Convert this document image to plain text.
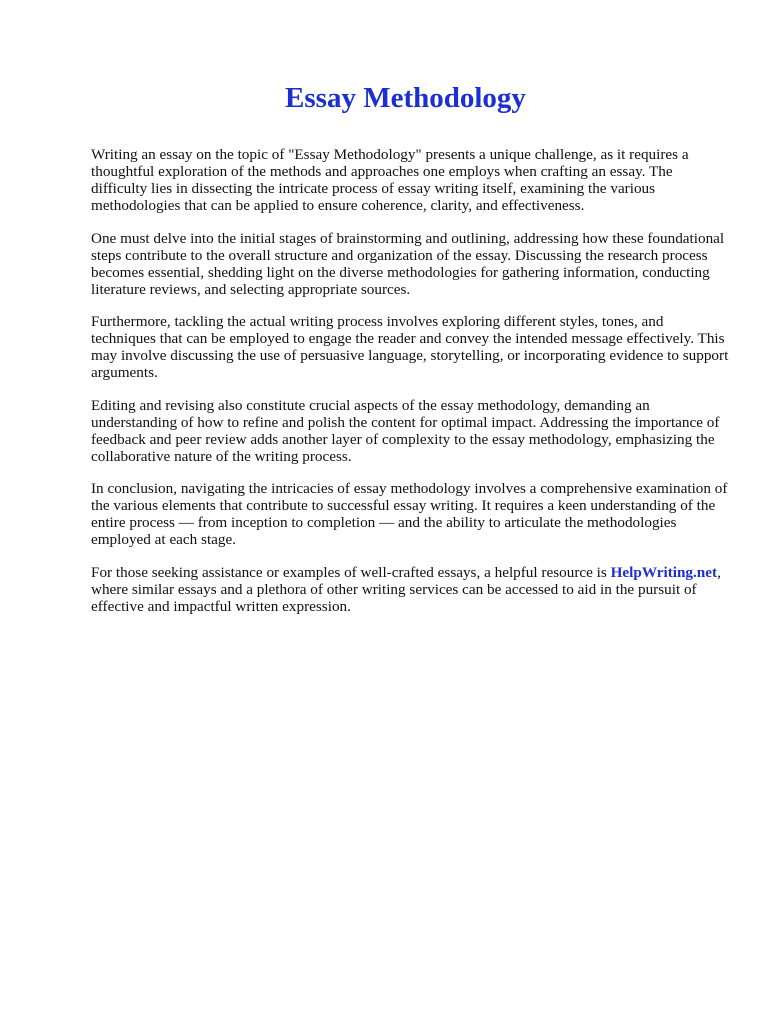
Essay Methodology

Writing an essay on the topic of "Essay Methodology" presents a unique challenge, as it requires a thoughtful exploration of the methods and approaches one employs when crafting an essay. The difficulty lies in dissecting the intricate process of essay writing itself, examining the various methodologies that can be applied to ensure coherence, clarity, and effectiveness.

One must delve into the initial stages of brainstorming and outlining, addressing how these foundational steps contribute to the overall structure and organization of the essay. Discussing the research process becomes essential, shedding light on the diverse methodologies for gathering information, conducting literature reviews, and selecting appropriate sources.

Furthermore, tackling the actual writing process involves exploring different styles, tones, and techniques that can be employed to engage the reader and convey the intended message effectively. This may involve discussing the use of persuasive language, storytelling, or incorporating evidence to support arguments.

Editing and revising also constitute crucial aspects of the essay methodology, demanding an understanding of how to refine and polish the content for optimal impact. Addressing the importance of feedback and peer review adds another layer of complexity to the essay methodology, emphasizing the collaborative nature of the writing process.

In conclusion, navigating the intricacies of essay methodology involves a comprehensive examination of the various elements that contribute to successful essay writing. It requires a keen understanding of the entire process — from inception to completion — and the ability to articulate the methodologies employed at each stage.

For those seeking assistance or examples of well-crafted essays, a helpful resource is HelpWriting.net, where similar essays and a plethora of other writing services can be accessed to aid in the pursuit of effective and impactful written expression.
